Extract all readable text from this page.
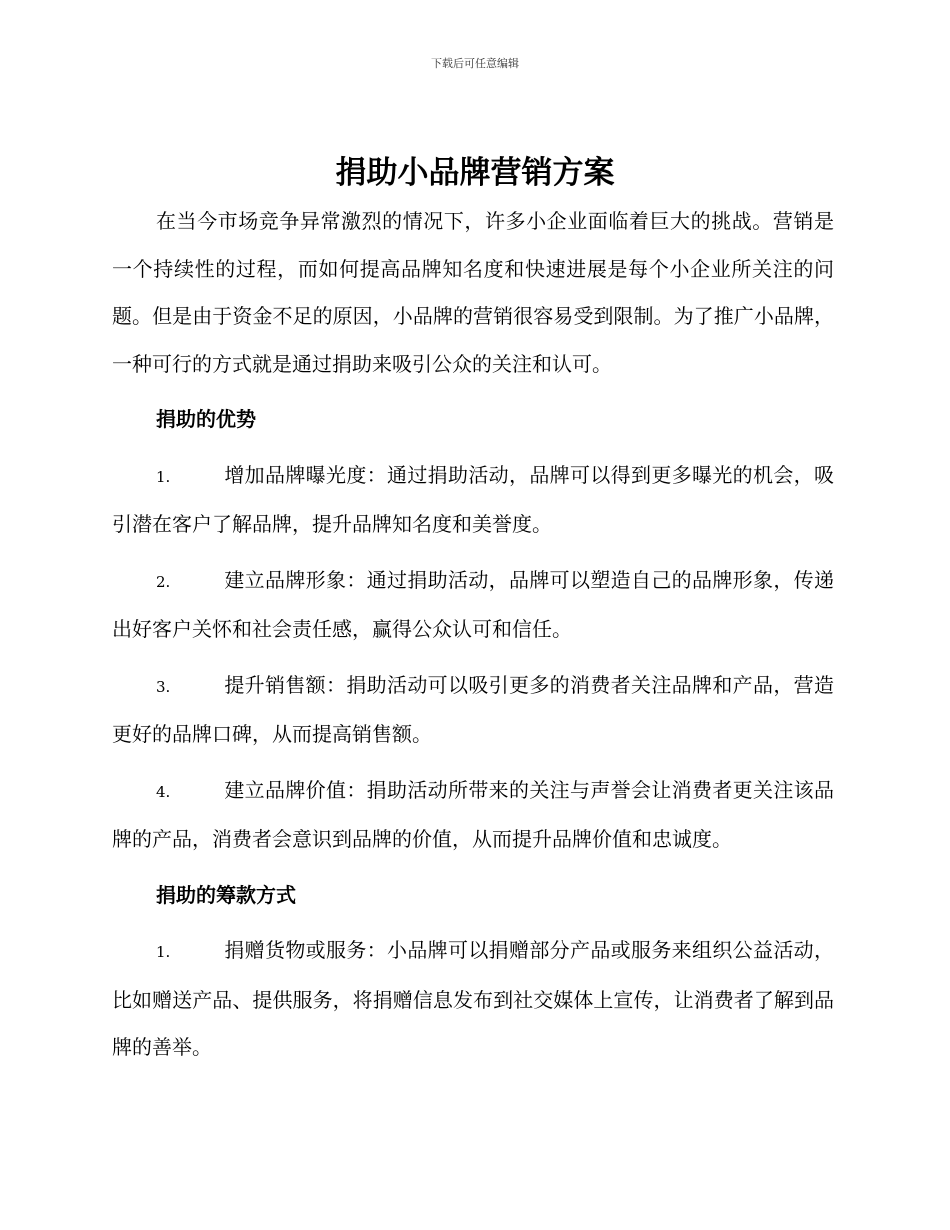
下载后可任意编辑
捐助小品牌营销方案

在当今市场竞争异常激烈的情况下，许多小企业面临着巨大的挑战。营销是一个持续性的过程，而如何提高品牌知名度和快速进展是每个小企业所关注的问题。但是由于资金不足的原因，小品牌的营销很容易受到限制。为了推广小品牌，一种可行的方式就是通过捐助来吸引公众的关注和认可。

捐助的优势

1.	增加品牌曝光度：通过捐助活动，品牌可以得到更多曝光的机会，吸引潜在客户了解品牌，提升品牌知名度和美誉度。

2.	建立品牌形象：通过捐助活动，品牌可以塑造自己的品牌形象，传递出好客户关怀和社会责任感，赢得公众认可和信任。

3.	提升销售额：捐助活动可以吸引更多的消费者关注品牌和产品，营造更好的品牌口碑，从而提高销售额。

4.	建立品牌价值：捐助活动所带来的关注与声誉会让消费者更关注该品牌的产品，消费者会意识到品牌的价值，从而提升品牌价值和忠诚度。

捐助的筹款方式

1.	捐赠货物或服务：小品牌可以捐赠部分产品或服务来组织公益活动，比如赠送产品、提供服务，将捐赠信息发布到社交媒体上宣传，让消费者了解到品牌的善举。
